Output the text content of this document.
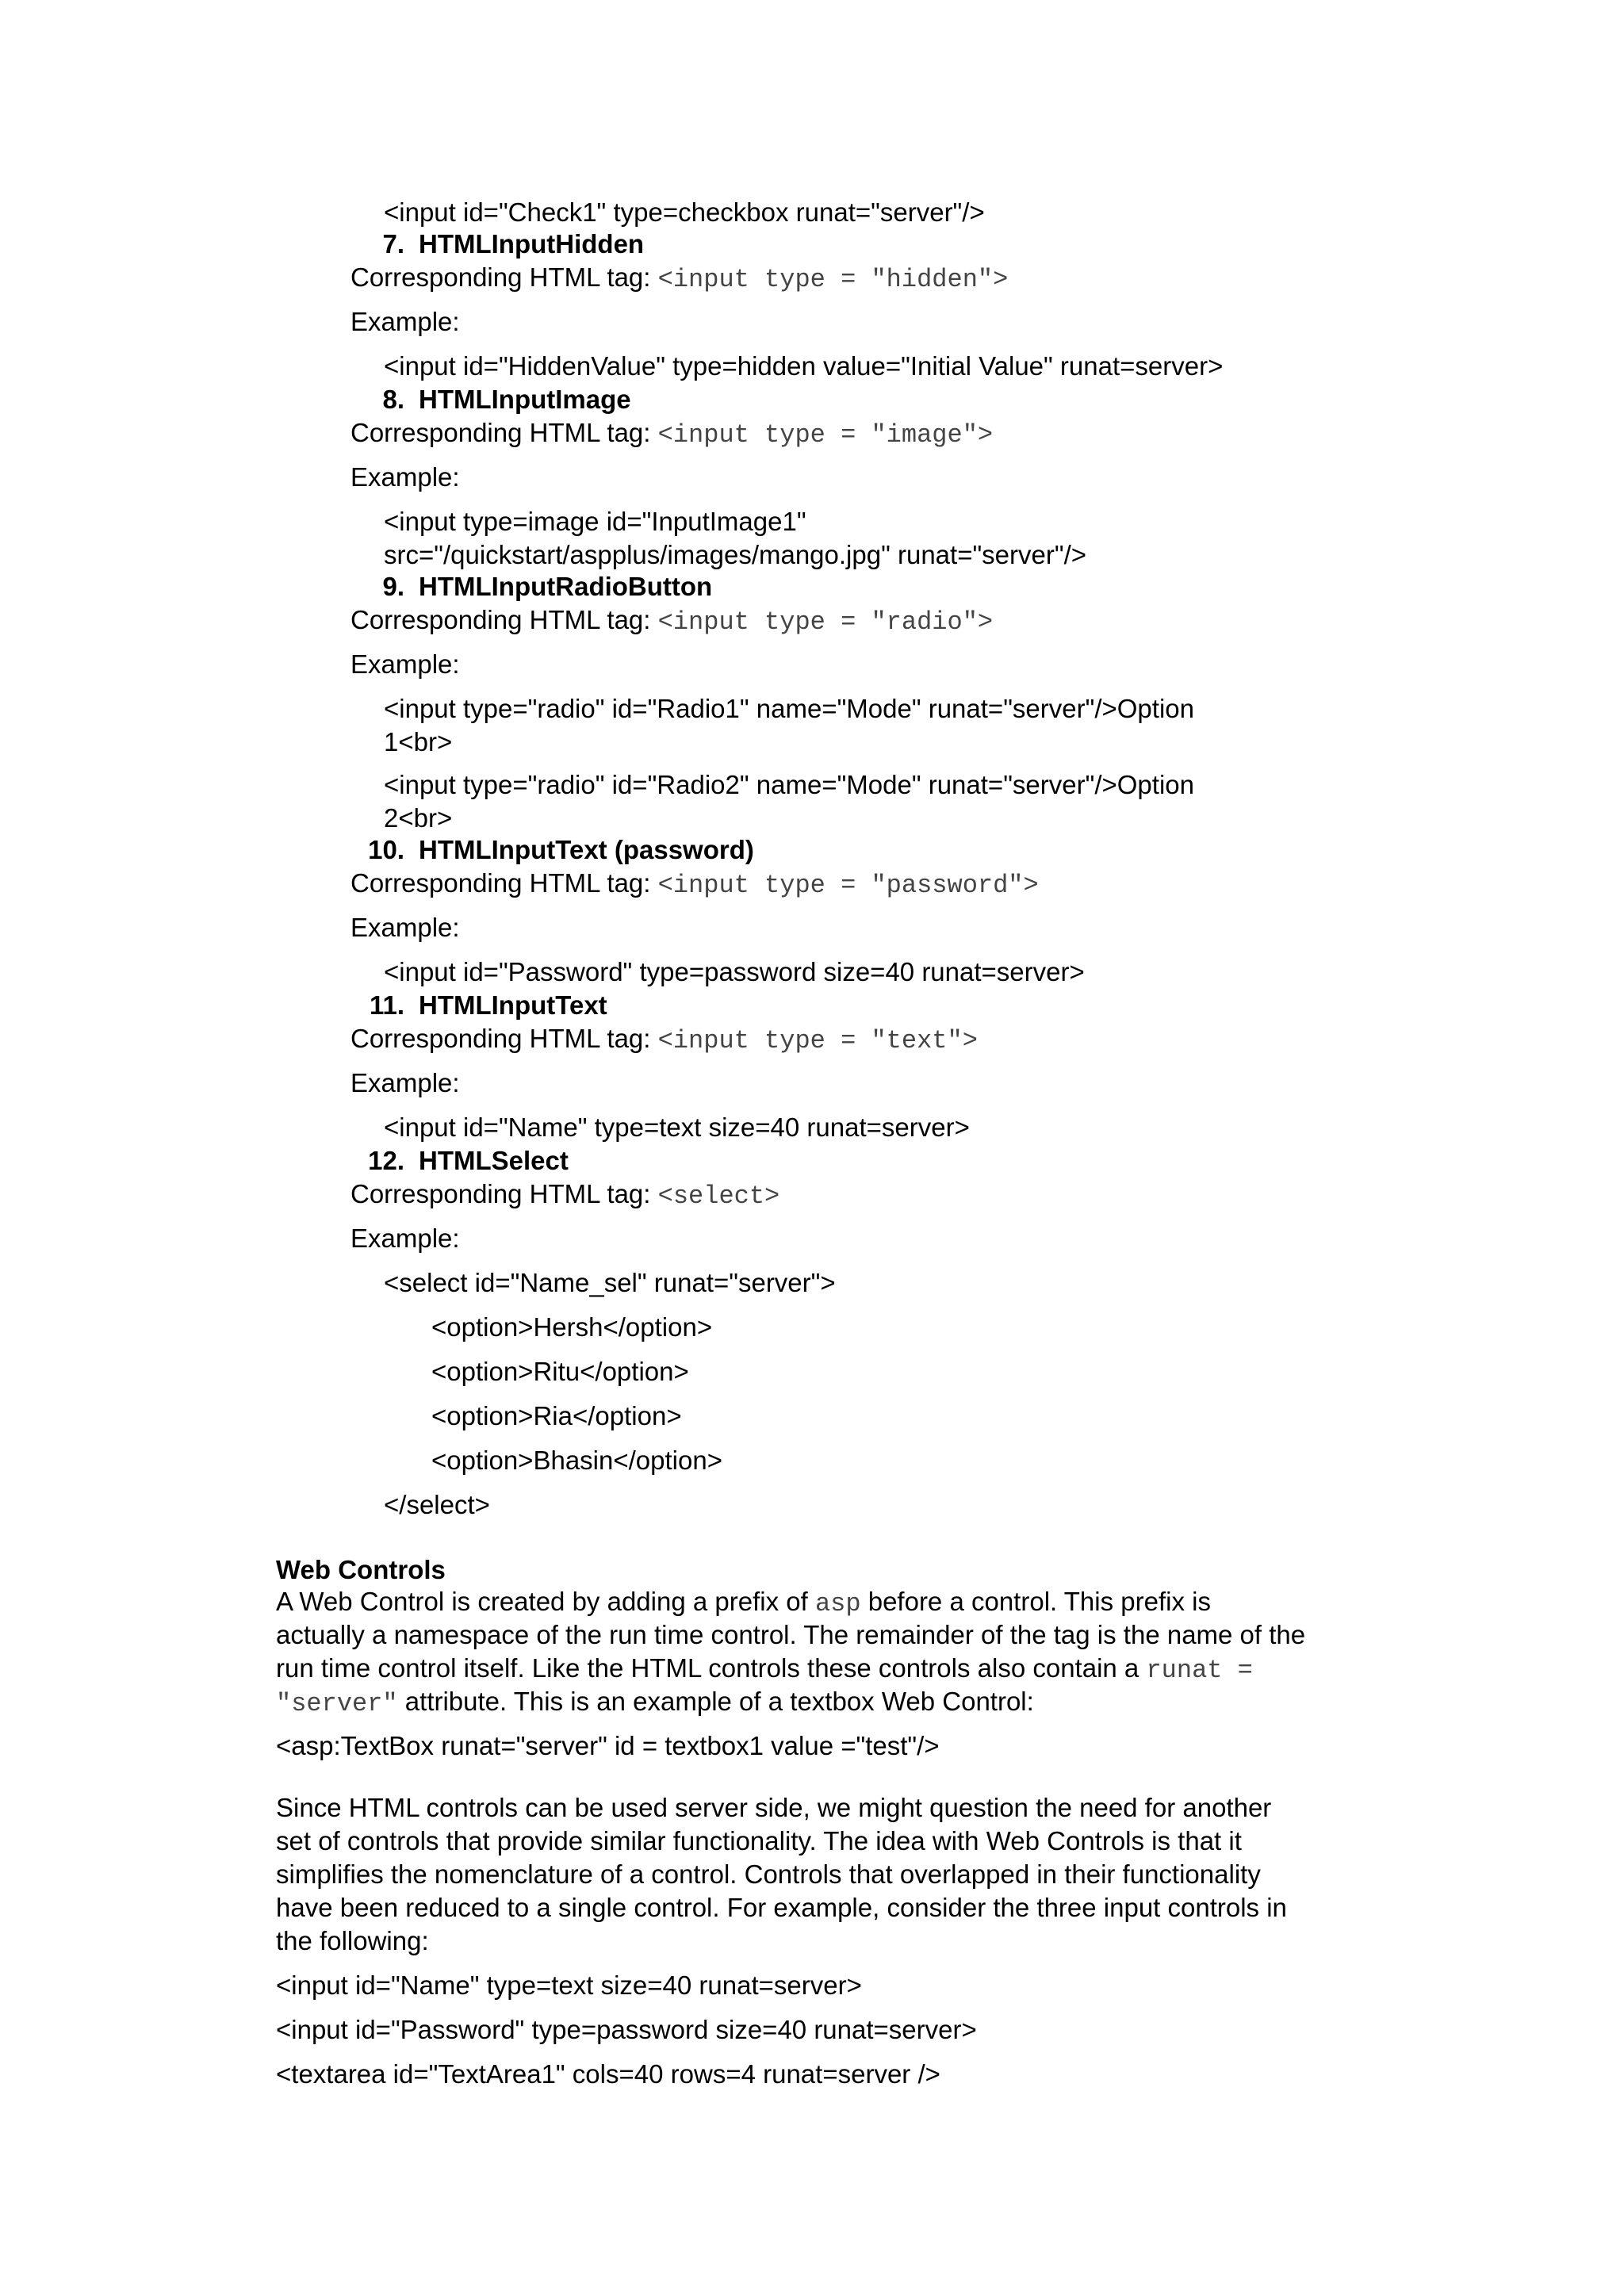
<input id="Check1" type=checkbox runat="server"/>
7. HTMLInputHidden
Corresponding HTML tag: <input type = "hidden">
Example:
<input id="HiddenValue" type=hidden value="Initial Value" runat=server>
8. HTMLInputImage
Corresponding HTML tag: <input type = "image">
Example:
<input type=image id="InputImage1"
src="/quickstart/aspplus/images/mango.jpg" runat="server"/>
9. HTMLInputRadioButton
Corresponding HTML tag: <input type = "radio">
Example:
<input type="radio" id="Radio1" name="Mode" runat="server"/>Option
1<br>
<input type="radio" id="Radio2" name="Mode" runat="server"/>Option
2<br>
10. HTMLInputText (password)
Corresponding HTML tag: <input type = "password">
Example:
<input id="Password" type=password size=40 runat=server>
11. HTMLInputText
Corresponding HTML tag: <input type = "text">
Example:
<input id="Name" type=text size=40 runat=server>
12. HTMLSelect
Corresponding HTML tag: <select>
Example:
<select id="Name_sel" runat="server">
<option>Hersh</option>
<option>Ritu</option>
<option>Ria</option>
<option>Bhasin</option>
</select>
Web Controls
A Web Control is created by adding a prefix of asp before a control. This prefix is
actually a namespace of the run time control. The remainder of the tag is the name of the
run time control itself. Like the HTML controls these controls also contain a runat =
"server" attribute. This is an example of a textbox Web Control:
<asp:TextBox runat="server" id = textbox1 value ="test"/>
Since HTML controls can be used server side, we might question the need for another
set of controls that provide similar functionality. The idea with Web Controls is that it
simplifies the nomenclature of a control. Controls that overlapped in their functionality
have been reduced to a single control. For example, consider the three input controls in
the following:
<input id="Name" type=text size=40 runat=server>
<input id="Password" type=password size=40 runat=server>
<textarea id="TextArea1" cols=40 rows=4 runat=server />
